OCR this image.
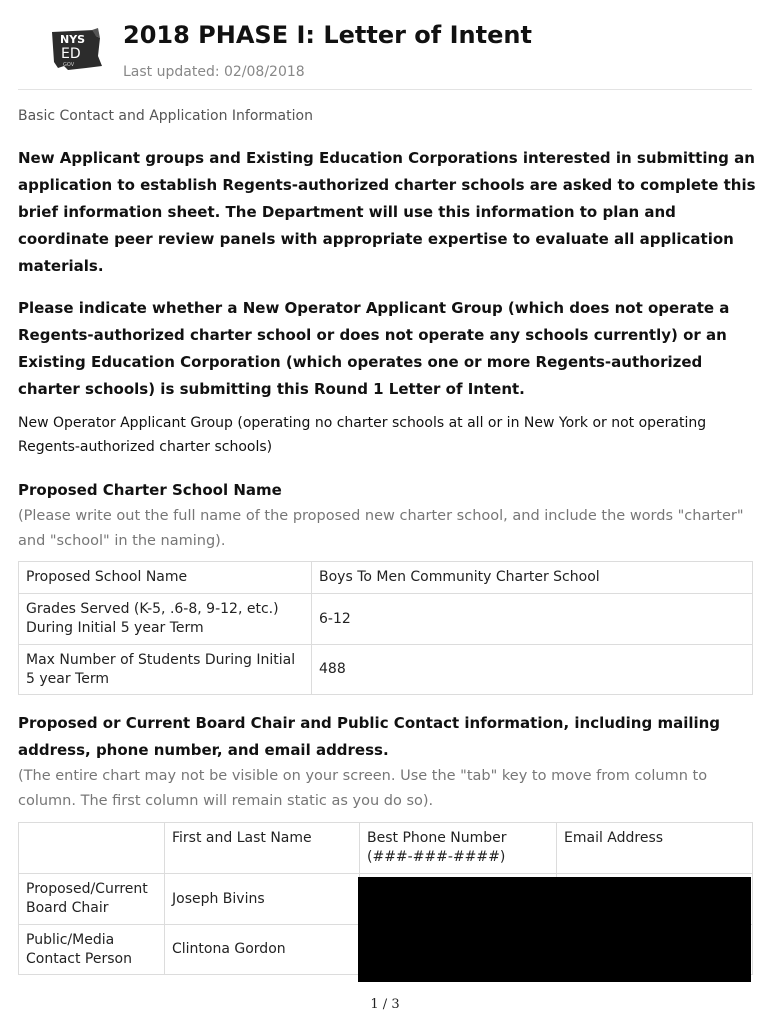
NYS
ED
GOV
2018 PHASE I: Letter of Intent
Last updated: 02/08/2018
Basic Contact and Application Information
New Applicant groups and Existing Education Corporations interested in submitting an application to establish Regents-authorized charter schools are asked to complete this brief information sheet. The Department will use this information to plan and coordinate peer review panels with appropriate expertise to evaluate all application materials.
Please indicate whether a New Operator Applicant Group (which does not operate a Regents-authorized charter school or does not operate any schools currently) or an Existing Education Corporation (which operates one or more Regents-authorized charter schools) is submitting this Round 1 Letter of Intent.
New Operator Applicant Group (operating no charter schools at all or in New York or not operating Regents-authorized charter schools)
Proposed Charter School Name
(Please write out the full name of the proposed new charter school, and include the words "charter" and "school" in the naming).
Proposed School Name	Boys To Men Community Charter School
Grades Served (K-5, .6-8, 9-12, etc.) During Initial 5 year Term	6-12
Max Number of Students During Initial 5 year Term	488
Proposed or Current Board Chair and Public Contact information, including mailing address, phone number, and email address.
(The entire chart may not be visible on your screen. Use the "tab" key to move from column to column. The first column will remain static as you do so).
	First and Last Name	Best Phone Number (###-###-####)	Email Address
Proposed/Current Board Chair	Joseph Bivins		
Public/Media Contact Person	Clintona Gordon		
1 / 3
